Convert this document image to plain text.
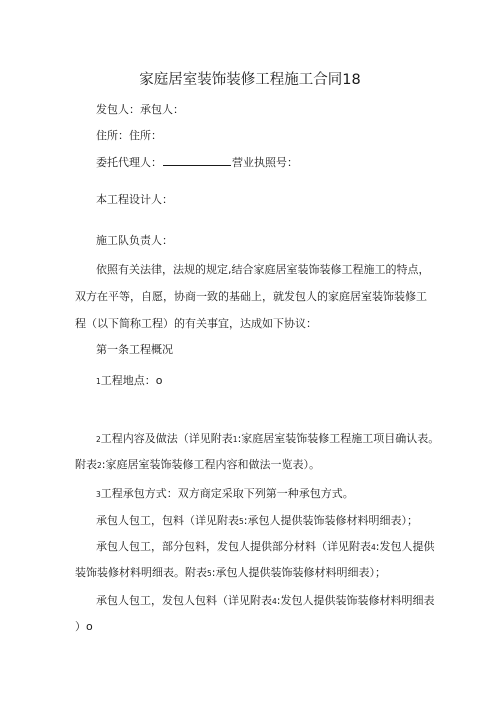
家庭居室装饰装修工程施工合同18
发包人：承包人：
住所：住所：
委托代理人：	营业执照号：
本工程设计人：
施工队负责人：
依照有关法律，法规的规定,结合家庭居室装饰装修工程施工的特点，
双方在平等，自愿，协商一致的基础上，就发包人的家庭居室装饰装修工
程（以下简称工程）的有关事宜，达成如下协议：
第一条工程概况
1工程地点：o
2工程内容及做法（详见附表1:家庭居室装饰装修工程施工项目确认表。
附表2:家庭居室装饰装修工程内容和做法一览表）。
3工程承包方式：双方商定采取下列第一种承包方式。
承包人包工，包料（详见附表5:承包人提供装饰装修材料明细表）；
承包人包工，部分包料，发包人提供部分材料（详见附表4:发包人提供
装饰装修材料明细表。附表5:承包人提供装饰装修材料明细表）；
承包人包工，发包人包料（详见附表4:发包人提供装饰装修材料明细表
）o
